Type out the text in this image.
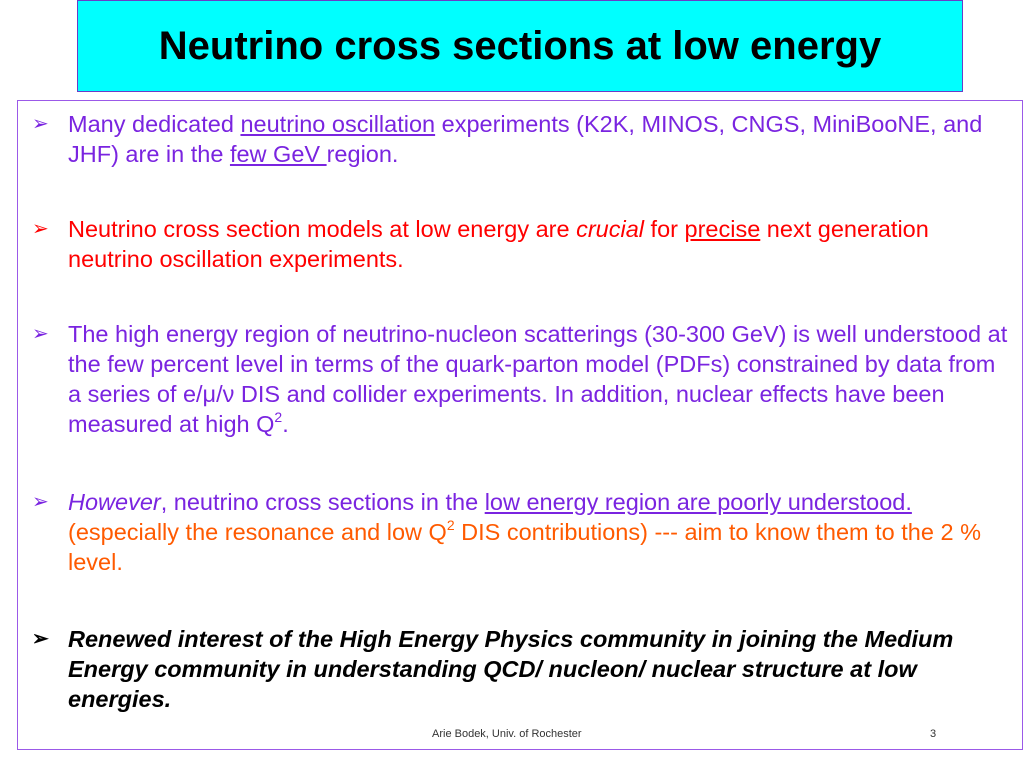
Neutrino cross sections at low energy
➢ Many dedicated neutrino oscillation experiments (K2K, MINOS, CNGS, MiniBooNE, and JHF) are in the few GeV region.
➢ Neutrino cross section models at low energy are crucial for precise next generation neutrino oscillation experiments.
➢ The high energy region of neutrino-nucleon scatterings (30-300 GeV) is well understood at the few percent level in terms of the quark-parton model (PDFs) constrained by data from a series of e/μ/ν DIS and collider experiments. In addition, nuclear effects have been measured at high $Q^2$.
➢ However, neutrino cross sections in the low energy region are poorly understood. (especially the resonance and low $Q^2$ DIS contributions) --- aim to know them to the 2 % level.
➢ Renewed interest of the High Energy Physics community in joining the Medium Energy community in understanding QCD/ nucleon/ nuclear structure at low energies.
Arie Bodek, Univ. of Rochester	3
